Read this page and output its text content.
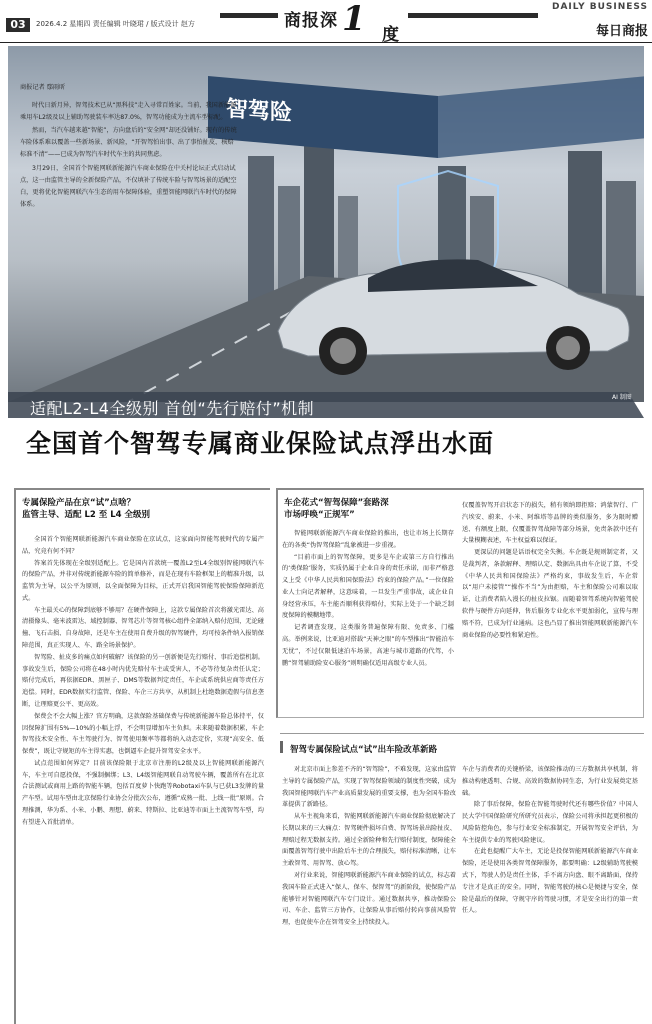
03	2026.4.2 星期四 责任编辑 叶晓珺 / 版式设计 赵方	商报深 1 度
DAILY BUSINESS
每日商报
智驾险
商报记者 鄢雨昕

时代日新月异，智驾技术已从“黑科技”走入寻常百姓家。当前，我国新能源乘用车L2级及以上辅助驾驶装车率达87.0%，智驾功能成为主流车型标配。

然而，当汽车越来越“智能”，方向盘后的“安全网”却还没铺好。现有的传统车险体系难以覆盖一些新场景、新风险，“开智驾怕出事、出了事怕扯皮、核赔标准不清”——已成为智驾汽车时代车主的共同焦虑。

3月29日，全国首个智能网联新能源汽车商业保险在中关村论坛正式启动试点，这一由监管主导的全新保险产品，不仅填补了传统车险与智驾场景的适配空白，更将优化智能网联汽车生态的用车保障体验，重塑智能网联汽车时代的保障体系。

适配L2-L4全级别 首创“先行赔付”机制
AI 制图
全国首个智驾专属商业保险试点浮出水面
专属保险产品在京“试”点啥？
监管主导、适配 L2 至 L4 全级别

全国首个智能网联新能源汽车商业保险在京试点，这家面向智能驾驶时代的专属产品，究竟有何不同？

答案首先体现在全级别适配上。它是国内首款统一覆盖L2至L4全级别智能网联汽车的保险产品，并非对传统新能源车险的简单修补，而是在现有车险框架上的精准升级，以监管为主导，以公平为原则，以全面保障为目标，正式开启我国智能驾驶保险保障新范式。

车主最关心的保障到底够不够用？在硬件保障上，这款专属保险首次将激光雷达、高清摄像头、毫米波雷达、域控制器、智驾芯片等智驾核心组件全部纳入赔付范围，无论碰撞、飞石击损、自身故障，还是车主在使用自费升级的智驾硬件，均可按条件纳入报销保障范围，真正实现人、车、路全场景保护。

智驾险、扯皮多的痛点如何破解？该保险的另一创新便是先行赔付、事后追偿机制。事故发生后，保险公司将在48小时内优先赔付车主或受害人，不必等待复杂责任认定；赔付完成后，再依据EDR、黑匣子、DMS等数据判定责任，车企或系统供应商等责任方追偿。同时，EDR数据实行监管、保险、车企三方共享，从机制上杜绝数据造假与信息垄断，让理赔更公平、更高效。

保费会不会大幅上涨？官方明确，这款保险基础保费与传统新能源车险总体持平，仅因保障扩围有5%—10%的小幅上浮，不会明显增加车主负担。未来随着数据积累，车企智驾技术安全性、车主驾驶行为、智驾使用频率等都将纳入动态定价，实现“高安全、低保费”，既让守规矩的车主得实惠，也倒逼车企提升智驾安全水平。

试点范围如何界定？目前该保险限于北京市注册的L2级及以上智能网联新能源汽车，车主可自愿投保，不强制捆绑；L3、L4级智能网联自动驾驶车辆，覆盖所有在北京合法测试或商用上路的智能车辆，包括百度萝卜快跑等Robotaxi车队与已获L3发牌的量产车型。试用车型由北京保险行业协会分批次公布，遵循“成熟一批、上线一批”原则。合理推测，华为系、小米、小鹏、理想、蔚来、特斯拉、比亚迪等市面上主流智驾车型，均有望进入首批清单。

车企花式“智驾保障”套路深
市场呼唤“正规军”

智能网联新能源汽车商业保险的推出，也让市场上长期存在的各类“伪智驾保险”乱象被进一步重视。

“目前市面上的智驾保障，更多是车企或第三方自行推出的‘类保险’服务，实质仍属于企业自身的责任承诺，而非严格意义上受《中华人民共和国保险法》约束的保险产品。”一位保险业人士向记者解释，这意味着，一旦发生严重事故，或企业自身经营承压，车主能否顺利获得赔付，实际上处于一个缺乏制度保障的模糊地带。

记者调查发现，这类服务普遍保障有限、免责多、门槛高。举例来说，比亚迪对搭载“天神之眼”的车型推出“智能泊车无忧”，不过仅限低速泊车场景，高速与城市道路的代驾，小鹏“智驾辅助险安心服务”则明确仅适用高级专业人员。

仅覆盖智驾开启状态下的损失，稍有领纳即拒赔；鸿蒙智行、广汽埃安、蔚来、小米、阿维塔等品牌的类似服务，多为限时赠送、有额度上限，仅覆盖智驾故障等部分场景，免责条款中还有大量模糊表述，车主权益难以保证。

更深层的问题是话语权完全失衡。车企既是规则制定者，又是裁判者，条款解释、理赔认定、数据出具由车企说了算，不受《中华人民共和国保险法》严格约束，事故发生后，车企常以“用户未接管”“操作不当”为由拒赔，车主和保险公司难以取证，让消费者陷入漫长的扯皮拉锯。而随着智驾系统向智能驾驶软件与硬件方向延伸，售后服务专业化水平更加弱化，宣传与理赔不符，已成为行业通病。这也凸显了推出智能网联新能源汽车商业保险的必要性和紧迫性。

智驾专属保险试点“试”出车险改革新路

对北京市面上参差不齐的“智驾险”，不难发现，这家由监管主导的专属保险产品，实现了智驾保险领域的制度性突破，成为我国智能网联汽车产业高质量发展的重要支撑，也为全国车险改革提供了新路径。

从车主视角来看，智能网联新能源汽车商业保险彻底解决了长期以来的三大痛点：智驾硬件损坏自费、智驾场景出险扯皮、理赔过程无数据支持。通过全新险种和先行赔付制度，保障能全面覆盖智驾行驶中出险后车主的合理损失，赔付标准清晰，让车主敢智驾、用智驾、放心驾。

对行业来说，智能网联新能源汽车商业保险的试点，标志着我国车险正式进入“保人、保车、保智驾”的新阶段，使保险产品能够针对智能网联汽车专门设计。通过数据共享，推动保险公司、车企、监管三方协作，让保险从事后赔付转向事前风险管理，也促使车企在智驾安全上持续投入。

车企与消费者的关键桥梁，该保险推动的三方数据共享机制，将推动构建透明、合规、高效的数据协同生态，为行业发展奠定基础。

除了事后保障，保险在智能驾驶时代还有哪些价值？中国人民大学中国保险研究所研究员表示，保险公司将承担起更积极的风险防控角色，参与行业安全标准制定，开展智驾安全评估，为车主提供专业的驾驶风险建议。

在此也提醒广大车主，无论是投保智能网联新能源汽车商业保险，还是使用各类智驾保障服务，都要明确：L2级辅助驾驶模式下，驾驶人仍是责任主体，手不离方向盘、眼不离路面，保持专注才是真正的安全。同时，智能驾驶的核心是便捷与安全，保险是最后的保障，守规守序的驾驶习惯，才是安全出行的第一责任人。
